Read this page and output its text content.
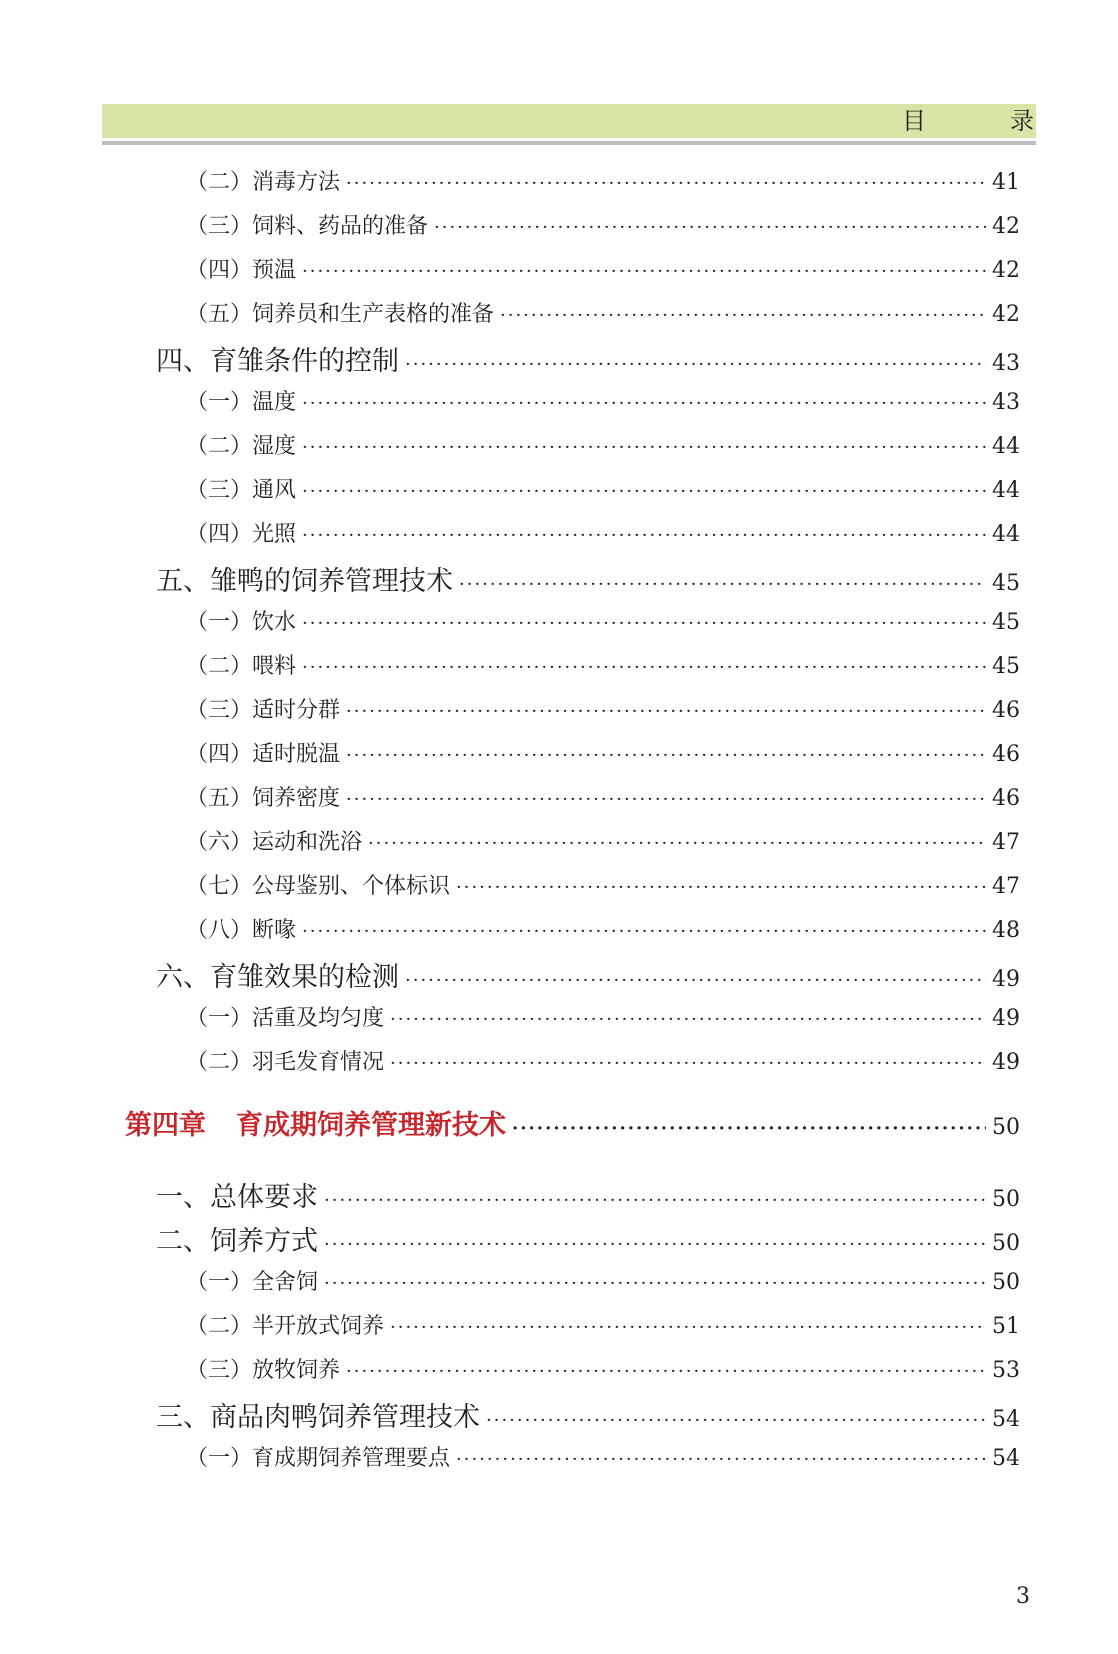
目　录
（二）消毒方法 ·····	41
（三）饲料、药品的准备 ·····	42
（四）预温 ·····	42
（五）饲养员和生产表格的准备 ·····	42
四、育雏条件的控制 ·····	43
（一）温度 ·····	43
（二）湿度 ·····	44
（三）通风 ·····	44
（四）光照 ·····	44
五、雏鸭的饲养管理技术 ·····	45
（一）饮水 ·····	45
（二）喂料 ·····	45
（三）适时分群 ·····	46
（四）适时脱温 ·····	46
（五）饲养密度 ·····	46
（六）运动和洗浴 ·····	47
（七）公母鉴别、个体标识 ·····	47
（八）断喙 ·····	48
六、育雏效果的检测 ·····	49
（一）活重及均匀度 ·····	49
（二）羽毛发育情况 ·····	49
第四章 育成期饲养管理新技术 ·····	50
一、总体要求 ·····	50
二、饲养方式 ·····	50
（一）全舍饲 ·····	50
（二）半开放式饲养 ·····	51
（三）放牧饲养 ·····	53
三、商品肉鸭饲养管理技术 ·····	54
（一）育成期饲养管理要点 ·····	54
3
